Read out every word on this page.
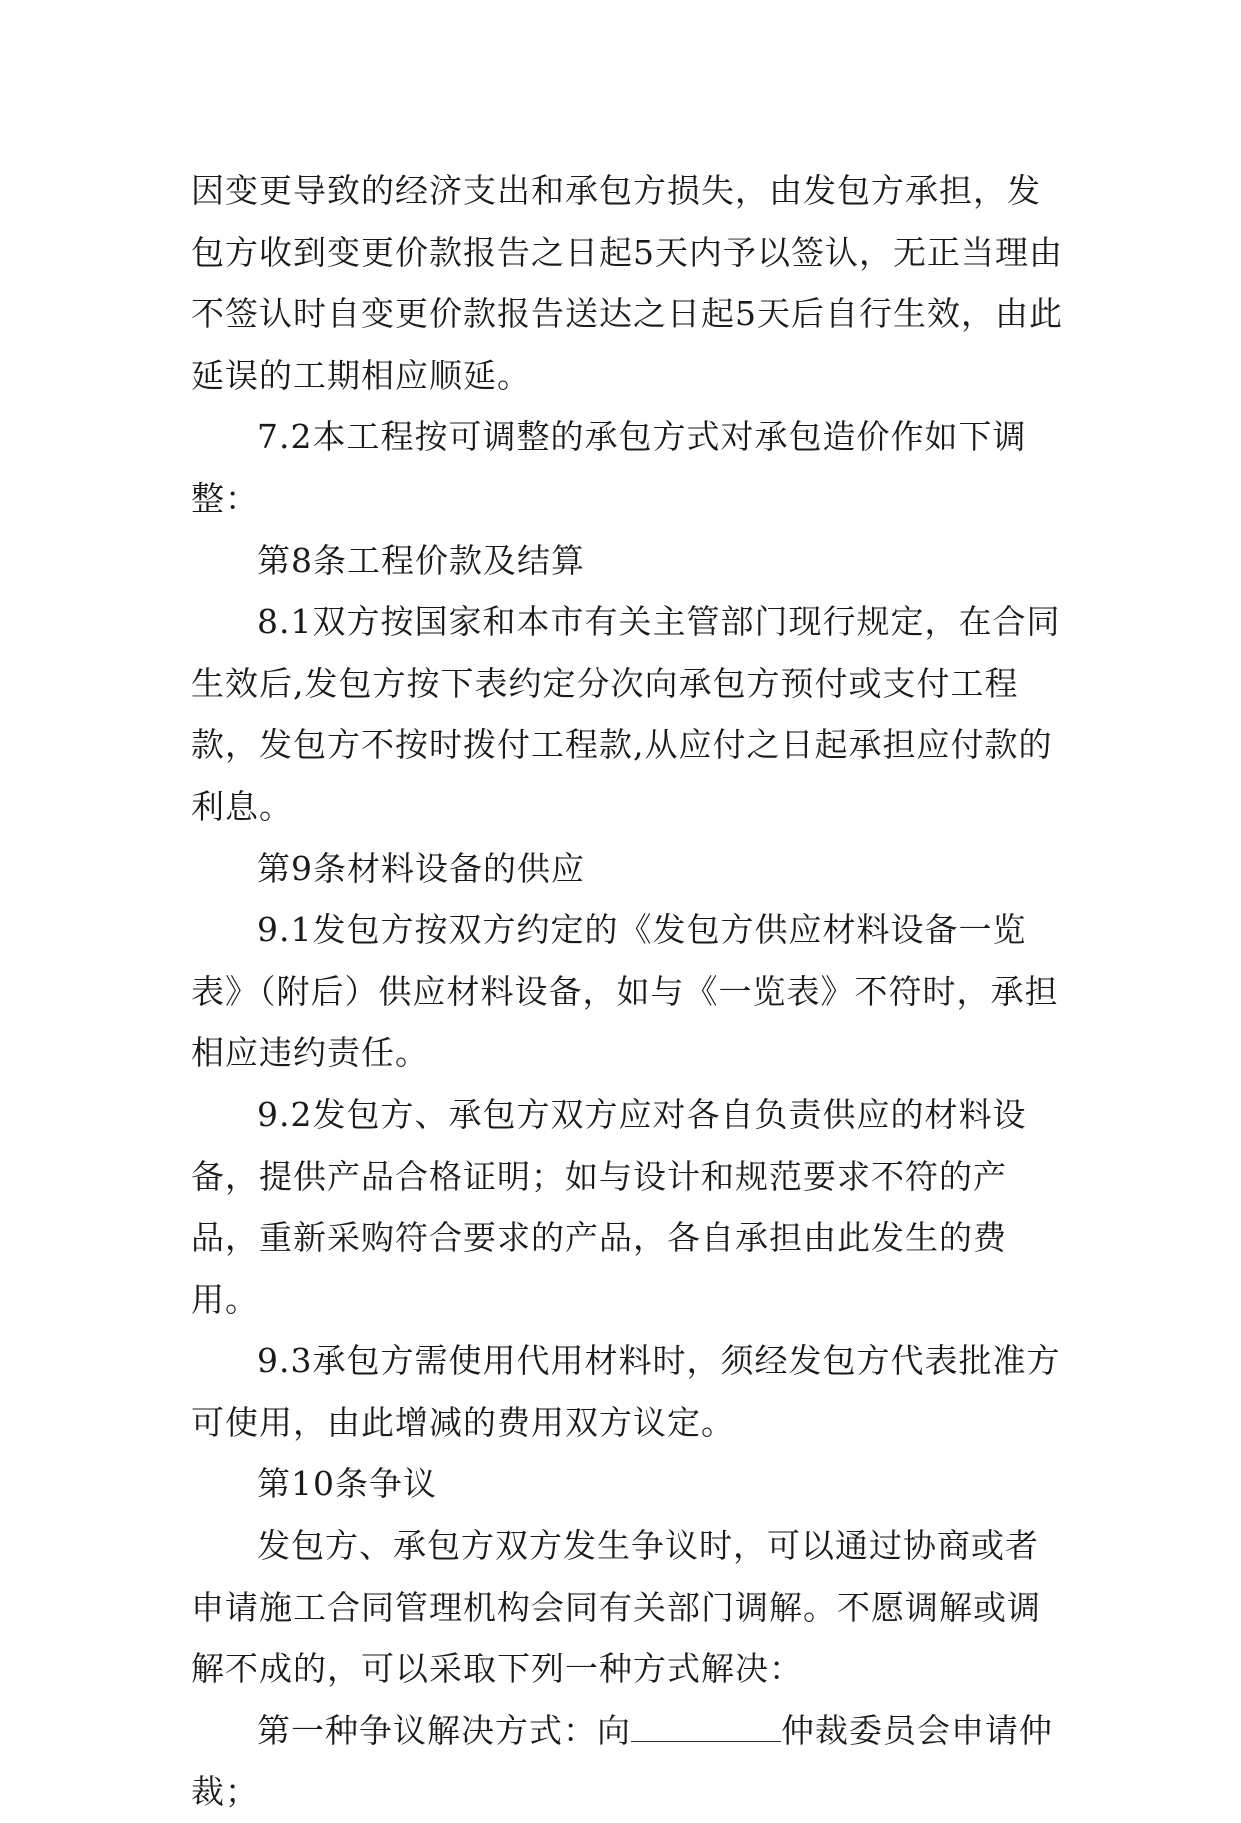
因变更导致的经济支出和承包方损失，由发包方承担，发包方收到变更价款报告之日起5天内予以签认，无正当理由不签认时自变更价款报告送达之日起5天后自行生效，由此延误的工期相应顺延。

7.2本工程按可调整的承包方式对承包造价作如下调整：

第8条工程价款及结算

8.1双方按国家和本市有关主管部门现行规定，在合同生效后,发包方按下表约定分次向承包方预付或支付工程款，发包方不按时拨付工程款,从应付之日起承担应付款的利息。

第9条材料设备的供应

9.1发包方按双方约定的《发包方供应材料设备一览表》（附后）供应材料设备，如与《一览表》不符时，承担相应违约责任。

9.2发包方、承包方双方应对各自负责供应的材料设备，提供产品合格证明；如与设计和规范要求不符的产品，重新采购符合要求的产品，各自承担由此发生的费用。

9.3承包方需使用代用材料时，须经发包方代表批准方可使用，由此增减的费用双方议定。

第10条争议

发包方、承包方双方发生争议时，可以通过协商或者申请施工合同管理机构会同有关部门调解。不愿调解或调解不成的，可以采取下列一种方式解决：

第一种争议解决方式：向	仲裁委员会申请仲裁；
